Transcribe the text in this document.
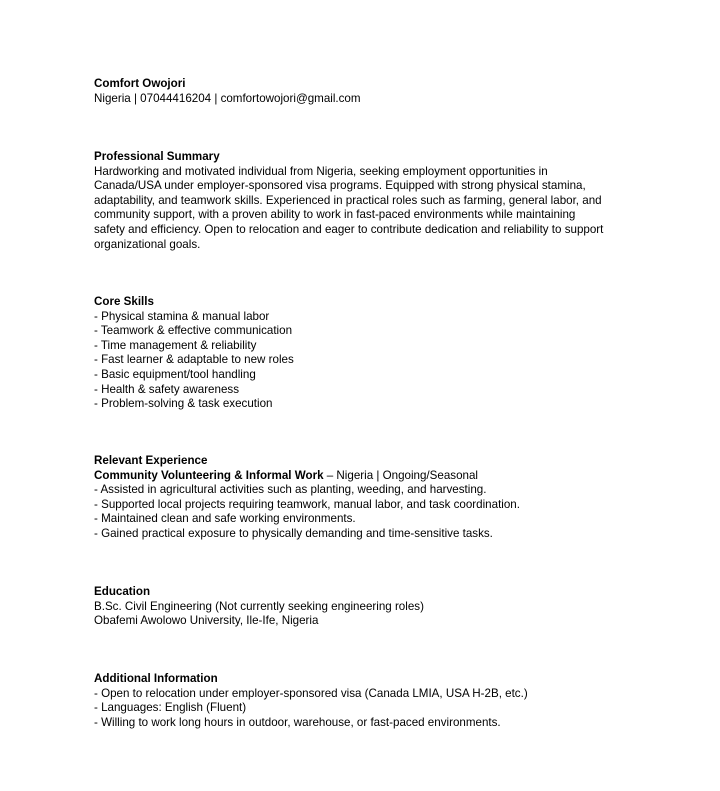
Comfort Owojori
Nigeria | 07044416204 | comfortowojori@gmail.com
Professional Summary
Hardworking and motivated individual from Nigeria, seeking employment opportunities in
Canada/USA under employer-sponsored visa programs. Equipped with strong physical stamina,
adaptability, and teamwork skills. Experienced in practical roles such as farming, general labor, and
community support, with a proven ability to work in fast-paced environments while maintaining
safety and efficiency. Open to relocation and eager to contribute dedication and reliability to support
organizational goals.
Core Skills
- Physical stamina & manual labor
- Teamwork & effective communication
- Time management & reliability
- Fast learner & adaptable to new roles
- Basic equipment/tool handling
- Health & safety awareness
- Problem-solving & task execution
Relevant Experience
Community Volunteering & Informal Work – Nigeria | Ongoing/Seasonal
- Assisted in agricultural activities such as planting, weeding, and harvesting.
- Supported local projects requiring teamwork, manual labor, and task coordination.
- Maintained clean and safe working environments.
- Gained practical exposure to physically demanding and time-sensitive tasks.
Education
B.Sc. Civil Engineering (Not currently seeking engineering roles)
Obafemi Awolowo University, Ile-Ife, Nigeria
Additional Information
- Open to relocation under employer-sponsored visa (Canada LMIA, USA H-2B, etc.)
- Languages: English (Fluent)
- Willing to work long hours in outdoor, warehouse, or fast-paced environments.
